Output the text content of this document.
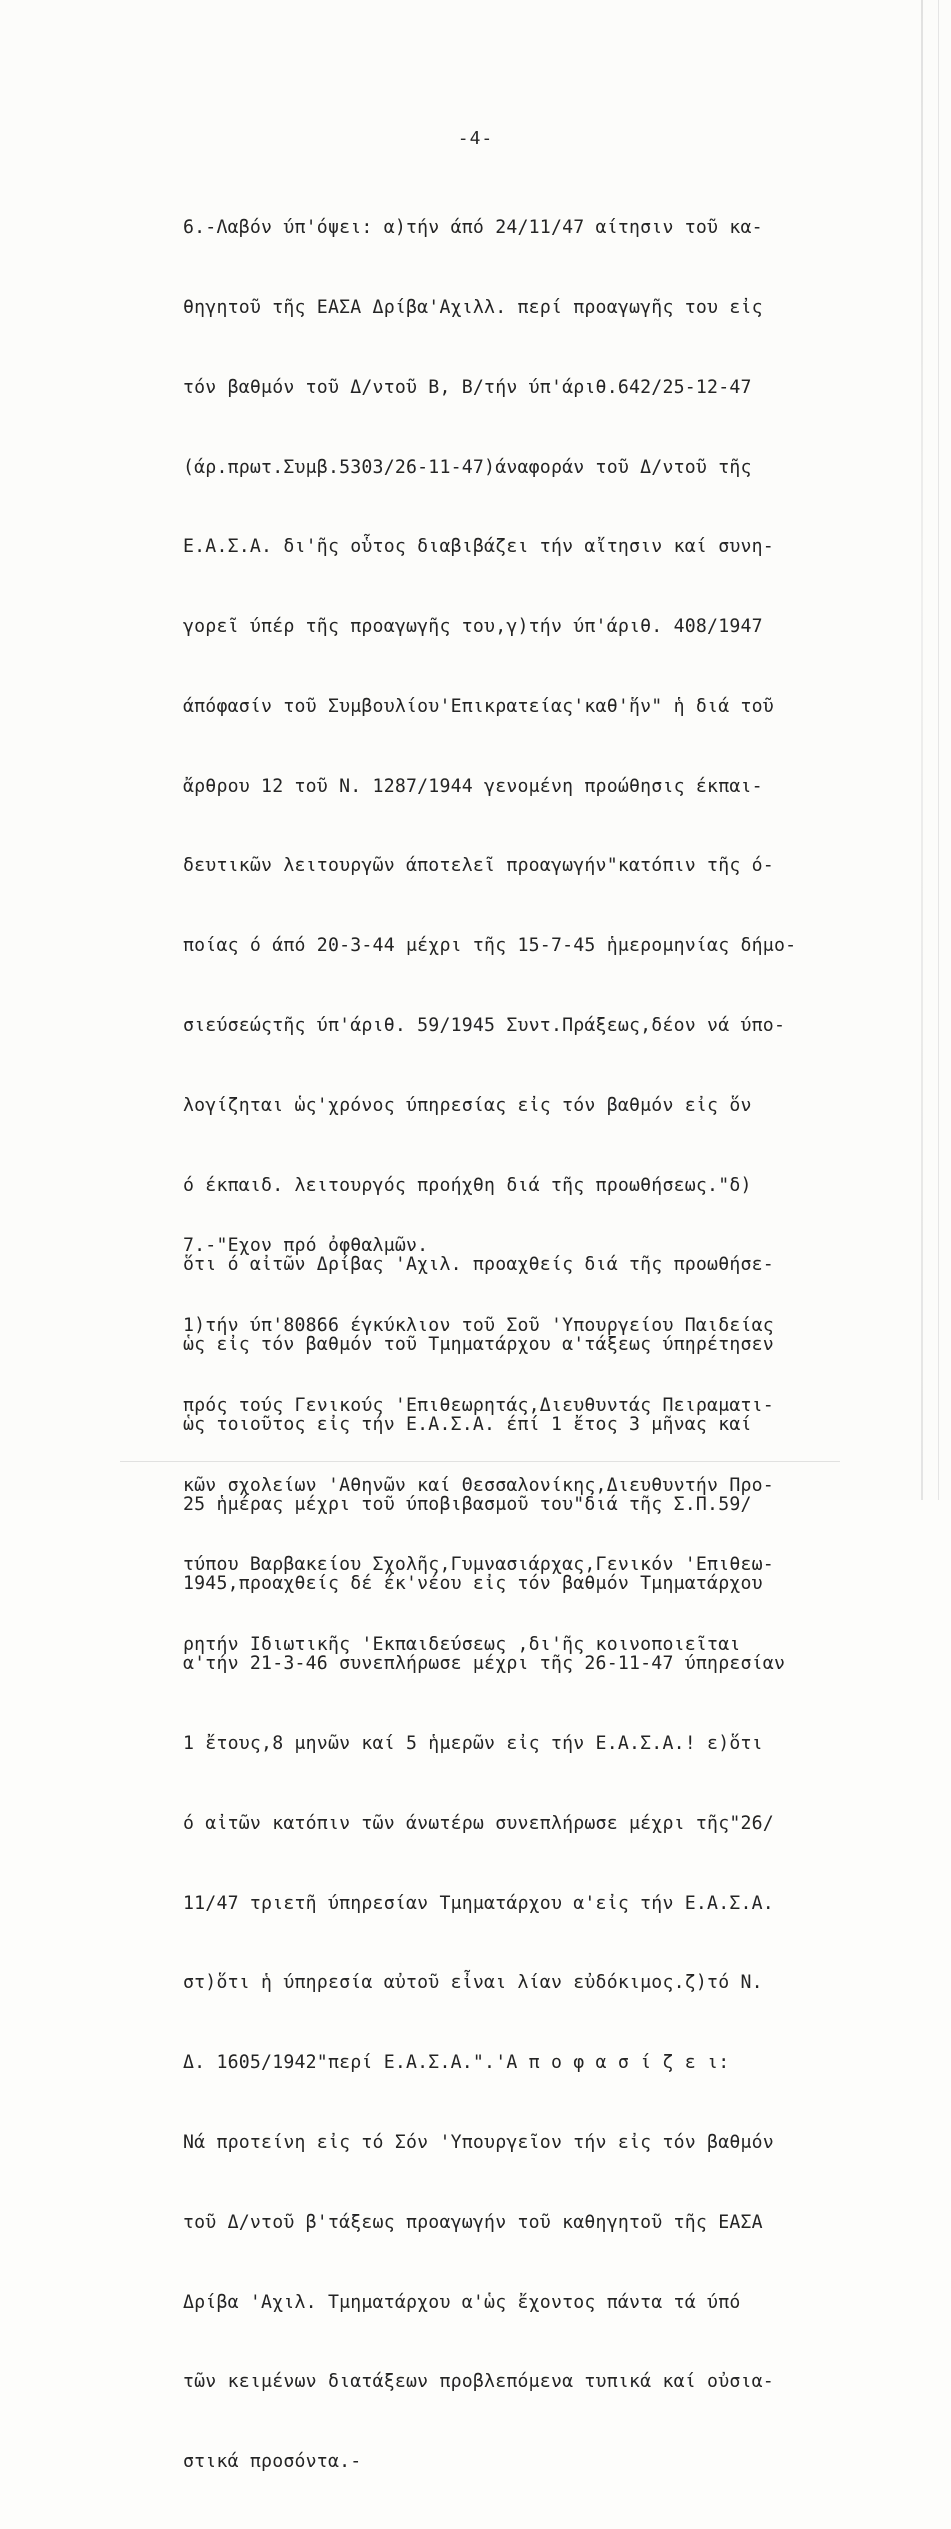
-4-

6.-Λαβόν ύπ'όψει: α)τήν άπό 24/11/47 αίτησιν τοῦ κα-

θηγητοῦ τῆς ΕΑΣΑ Δρίβα'Αχιλλ. περί προαγωγῆς του εἰς

τόν βαθμόν τοῦ Δ/ντοῦ Β, Β/τήν ύπ'άριθ.642/25-12-47

(άρ.πρωτ.Συμβ.5303/26-11-47)άναφοράν τοῦ Δ/ντοῦ τῆς

Ε.Α.Σ.Α. δι'ῆς οὗτος διαβιβάζει τήν αἴτησιν καί συνη-

γορεῖ ύπέρ τῆς προαγωγῆς του,γ)τήν ύπ'άριθ. 408/1947

άπόφασίν τοῦ Συμβουλίου'Επικρατείας'καθ'ἥν" ἡ διά τοῦ

ἄρθρου 12 τοῦ Ν. 1287/1944 γενομένη προώθησις έκπαι-

δευτικῶν λειτουργῶν άποτελεῖ προαγωγήν"κατόπιν τῆς ό-

ποίας ό άπό 20-3-44 μέχρι τῆς 15-7-45 ἡμερομηνίας δήμο-

σιεύσεώςτῆς ύπ'άριθ. 59/1945 Συντ.Πράξεως,δέον νά ύπο-

λογίζηται ὡς'χρόνος ύπηρεσίας εἰς τόν βαθμόν εἰς ὅν

ό έκπαιδ. λειτουργός προήχθη διά τῆς προωθήσεως."δ)

ὅτι ό αἰτῶν Δρίβας 'Αχιλ. προαχθείς διά τῆς προωθήσε-

ὡς εἰς τόν βαθμόν τοῦ Τμηματάρχου α'τάξεως ύπηρέτησεν

ὡς τοιοῦτος εἰς τήν Ε.Α.Σ.Α. έπί 1 ἔτος 3 μῆνας καί

25 ἡμέρας μέχρι τοῦ ύποβιβασμοῦ του"διά τῆς Σ.Π.59/

1945,προαχθείς δέ έκ'νέου εἰς τόν βαθμόν Τμηματάρχου

α'τήν 21-3-46 συνεπλήρωσε μέχρι τῆς 26-11-47 ύπηρεσίαν

1 ἔτους,8 μηνῶν καί 5 ἡμερῶν εἰς τήν Ε.Α.Σ.Α.! ε)ὅτι

ό αἰτῶν κατόπιν τῶν άνωτέρω συνεπλήρωσε μέχρι τῆς"26/

11/47 τριετῆ ύπηρεσίαν Τμηματάρχου α'εἰς τήν Ε.Α.Σ.Α.

στ)ὅτι ἡ ύπηρεσία αὐτοῦ εἶναι λίαν εὐδόκιμος.ζ)τό Ν.

Δ. 1605/1942"περί Ε.Α.Σ.Α.".'Α π ο φ α σ ί ζ ε ι:

Νά προτείνη εἰς τό Σόν 'Υπουργεῖον τήν εἰς τόν βαθμόν

τοῦ Δ/ντοῦ β'τάξεως προαγωγήν τοῦ καθηγητοῦ τῆς ΕΑΣΑ

Δρίβα 'Αχιλ. Τμηματάρχου α'ὡς ἔχοντος πάντα τά ύπό

τῶν κειμένων διατάξεων προβλεπόμενα τυπικά καί οὐσια-

στικά προσόντα.-

7.-"Εχον πρό ὀφθαλμῶν.

1)τήν ύπ'80866 έγκύκλιον τοῦ Σοῦ 'Υπουργείου Παιδείας

πρός τούς Γενικούς 'Επιθεωρητάς,Διευθυντάς Πειραματι-

κῶν σχολείων 'Αθηνῶν καί Θεσσαλονίκης,Διευθυντήν Προ-

τύπου Βαρβακείου Σχολῆς,Γυμνασιάρχας,Γενικόν 'Επιθεω-

ρητήν Ιδιωτικῆς 'Εκπαιδεύσεως ,δι'ῆς κοινοποιεῖται
